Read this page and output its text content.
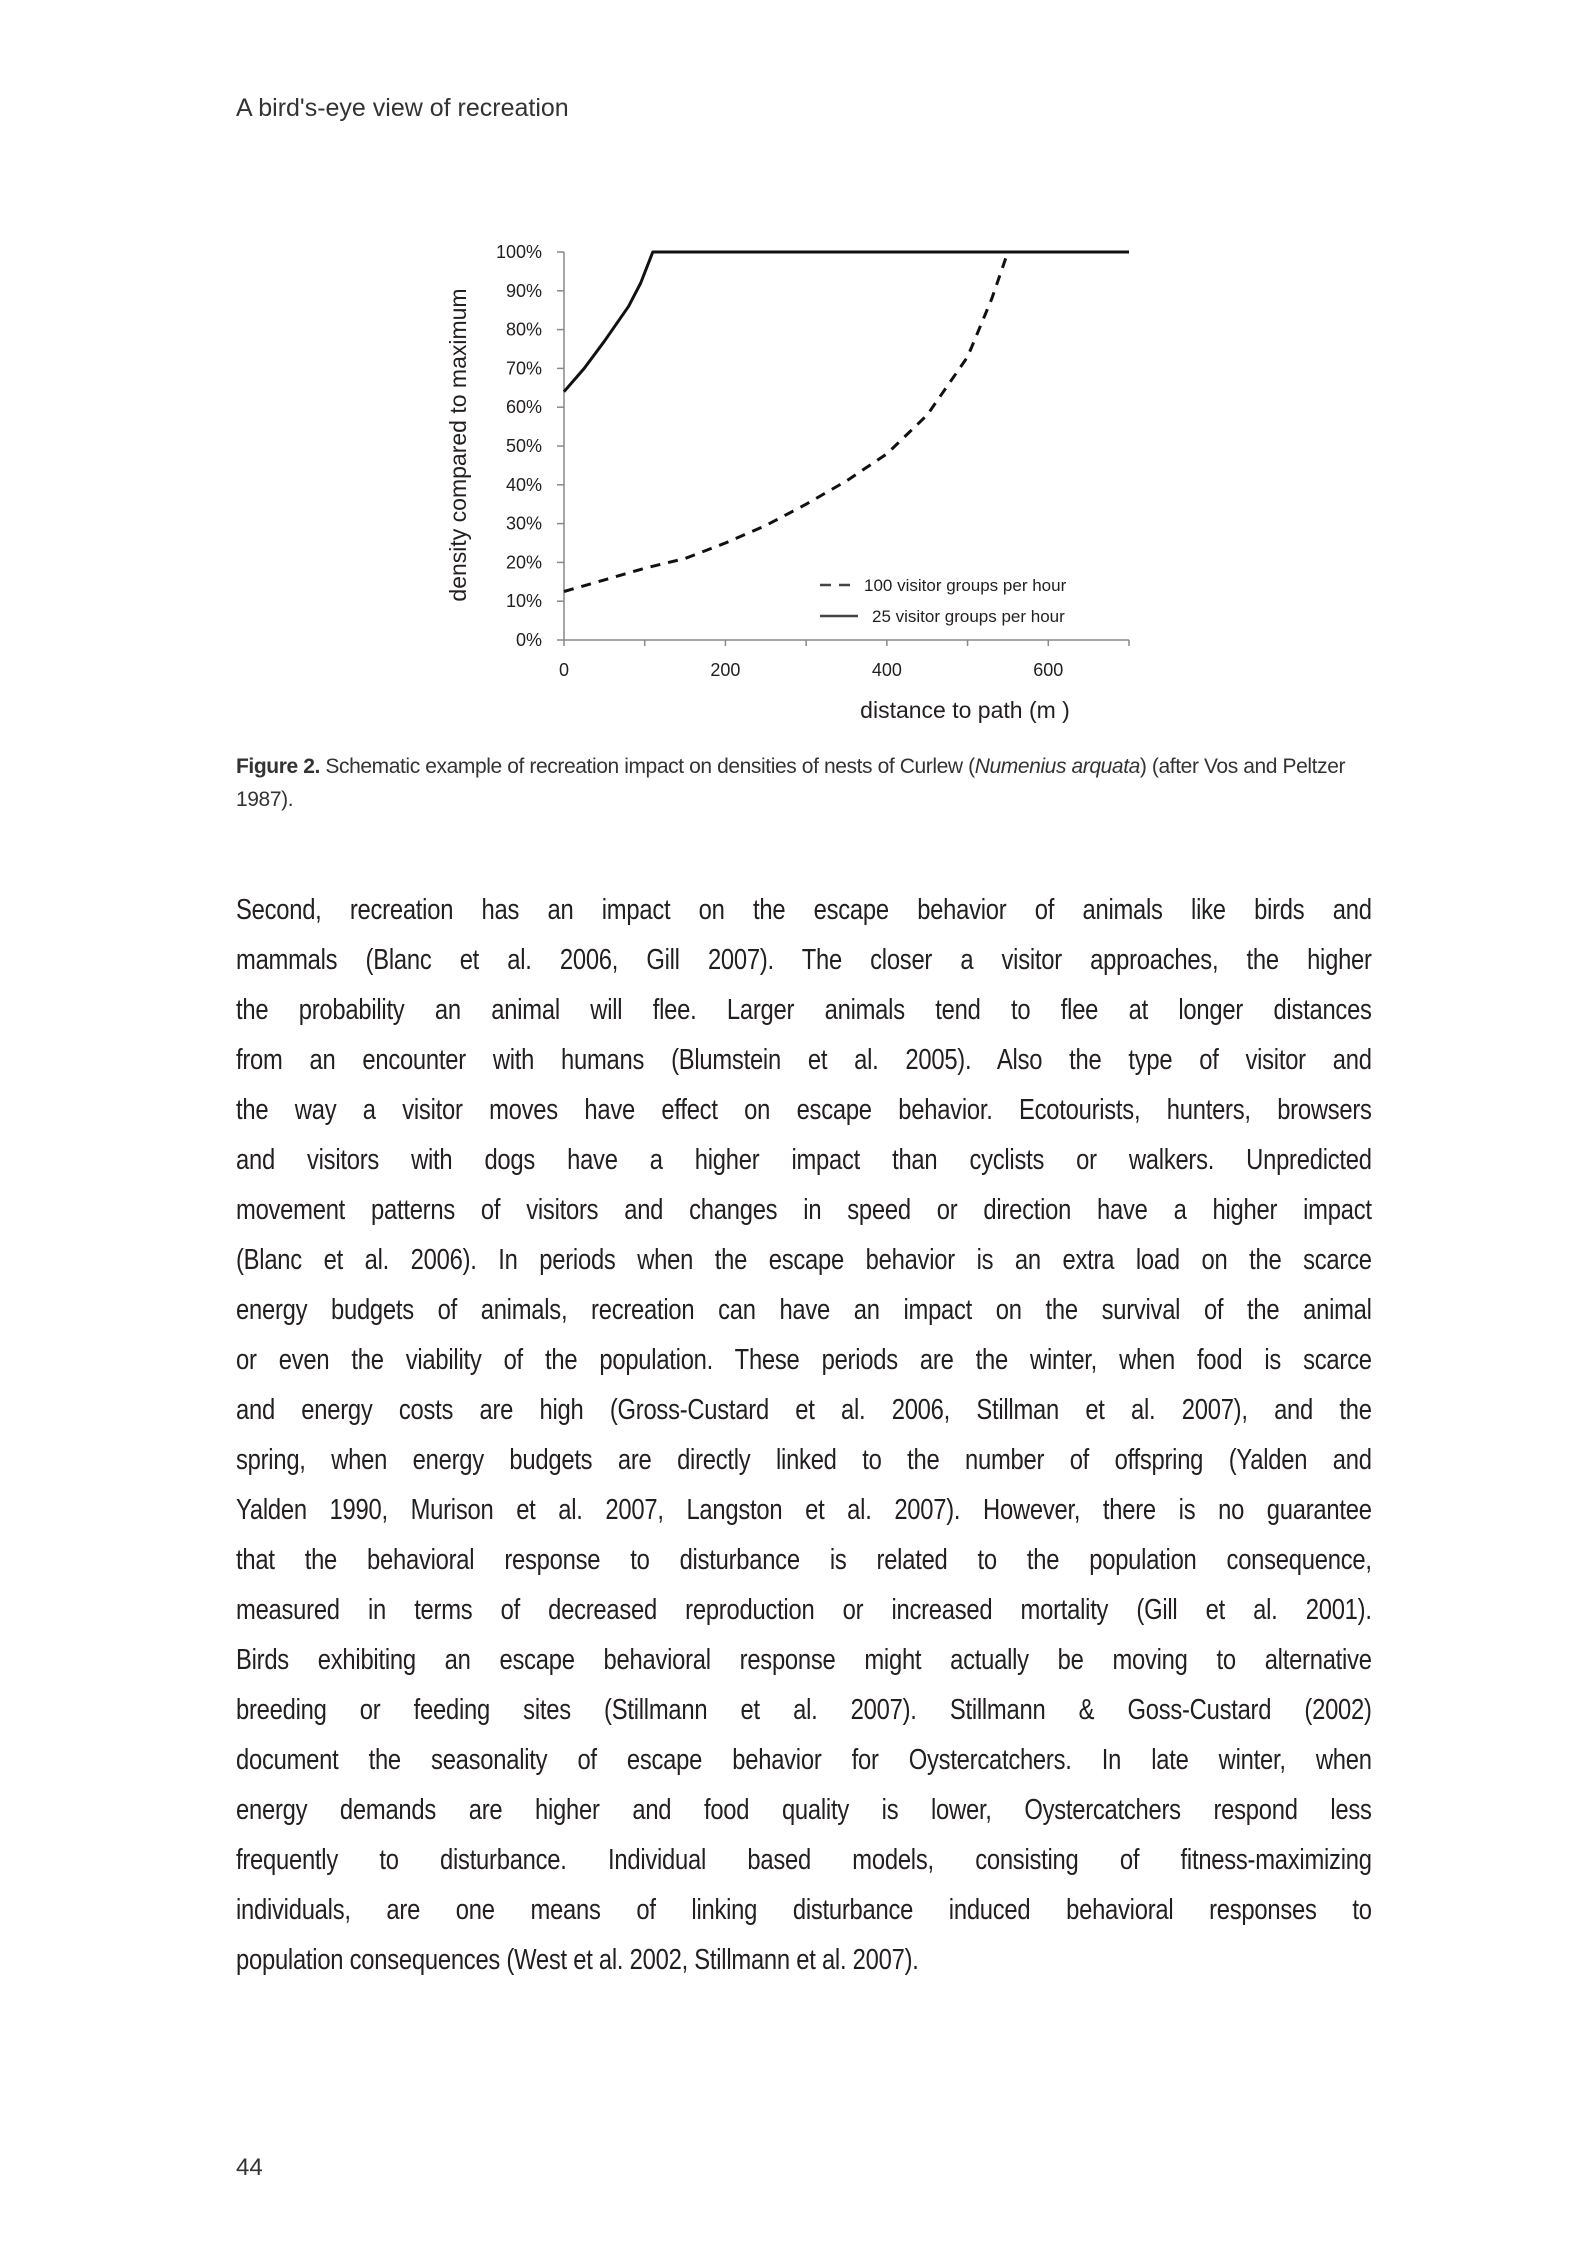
A bird's-eye view of recreation
0%
10%
20%
30%
40%
50%
60%
70%
80%
90%
100%
0	200	400	600
distance to path (m )
density compared to maximum	100 visitor groups per hour
25 visitor groups per hour
Figure 2. Schematic example of recreation impact on densities of nests of Curlew (Numenius arquata) (after Vos and Peltzer 1987).
Second, recreation has an impact on the escape behavior of animals like birds and
mammals (Blanc et al. 2006, Gill 2007). The closer a visitor approaches, the higher
the probability an animal will flee. Larger animals tend to flee at longer distances
from an encounter with humans (Blumstein et al. 2005). Also the type of visitor and
the way a visitor moves have effect on escape behavior. Ecotourists, hunters, browsers
and visitors with dogs have a higher impact than cyclists or walkers. Unpredicted
movement patterns of visitors and changes in speed or direction have a higher impact
(Blanc et al. 2006). In periods when the escape behavior is an extra load on the scarce
energy budgets of animals, recreation can have an impact on the survival of the animal
or even the viability of the population. These periods are the winter, when food is scarce
and energy costs are high (Gross-Custard et al. 2006, Stillman et al. 2007), and the
spring, when energy budgets are directly linked to the number of offspring (Yalden and
Yalden 1990, Murison et al. 2007, Langston et al. 2007). However, there is no guarantee
that the behavioral response to disturbance is related to the population consequence,
measured in terms of decreased reproduction or increased mortality (Gill et al. 2001).
Birds exhibiting an escape behavioral response might actually be moving to alternative
breeding or feeding sites (Stillmann et al. 2007). Stillmann & Goss-Custard (2002)
document the seasonality of escape behavior for Oystercatchers. In late winter, when
energy demands are higher and food quality is lower, Oystercatchers respond less
frequently to disturbance. Individual based models, consisting of fitness-maximizing
individuals, are one means of linking disturbance induced behavioral responses to
population consequences (West et al. 2002, Stillmann et al. 2007).
44
